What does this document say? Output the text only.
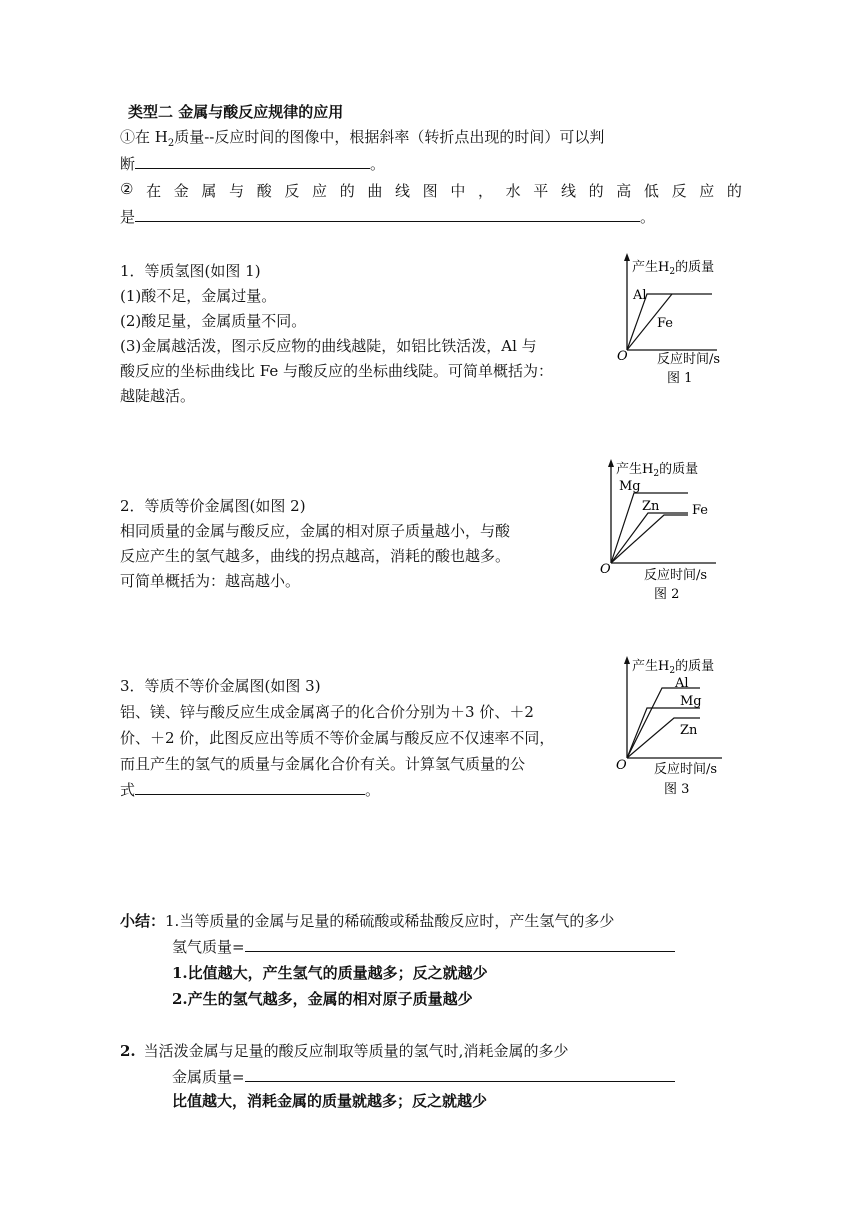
类型二 金属与酸反应规律的应用
①在 $H_2$质量--反应时间的图像中，根据斜率（转折点出现的时间）可以判
断	。
② 在 金 属 与 酸 反 应 的 曲 线 图 中 ， 水 平 线 的 高 低 反 应 的
是	。
1．等质氢图(如图 1)
(1)酸不足，金属过量。
(2)酸足量，金属质量不同。
(3)金属越活泼，图示反应物的曲线越陡，如铝比铁活泼，Al 与
酸反应的坐标曲线比 Fe 与酸反应的坐标曲线陡。可简单概括为：
越陡越活。
产生$H_2$的质量
Al
Fe
O 反应时间/s
图 1
2．等质等价金属图(如图 2)
相同质量的金属与酸反应，金属的相对原子质量越小，与酸
反应产生的氢气越多，曲线的拐点越高，消耗的酸也越多。
可简单概括为：越高越小。
产生$H_2$的质量
Mg
Zn	Fe
O	反应时间/s
图 2
3．等质不等价金属图(如图 3)
铝、镁、锌与酸反应生成金属离子的化合价分别为＋3 价、＋2
价、＋2 价，此图反应出等质不等价金属与酸反应不仅速率不同，
而且产生的氢气的质量与金属化合价有关。计算氢气质量的公
式	。
产生$H_2$的质量
Al
Mg
Zn
O 反应时间/s
图 3
小结：1.当等质量的金属与足量的稀硫酸或稀盐酸反应时，产生氢气的多少
氢气质量=
1.比值越大，产生氢气的质量越多；反之就越少
2.产生的氢气越多，金属的相对原子质量越少
2. 当活泼金属与足量的酸反应制取等质量的氢气时,消耗金属的多少
金属质量=
比值越大，消耗金属的质量就越多；反之就越少
